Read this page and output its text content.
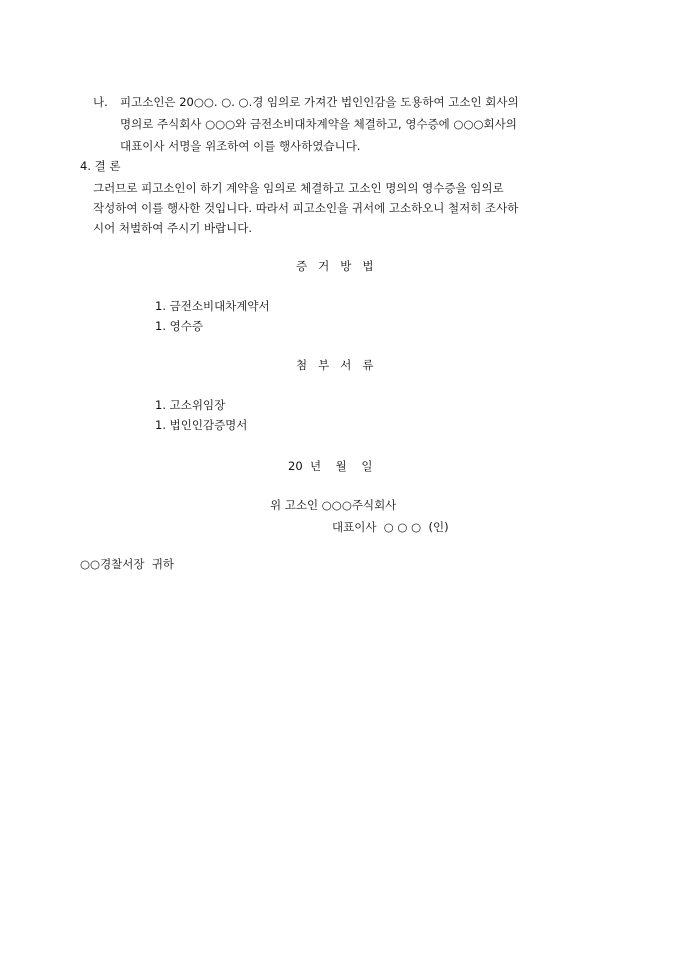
나. 피고소인은 20○○. ○. ○.경 임의로 가져간 법인인감을 도용하여 고소인 회사의
명의로 주식회사 ○○○와 금전소비대차계약을 체결하고, 영수증에 ○○○회사의
대표이사 서명을 위조하여 이를 행사하였습니다.
4. 결 론
그러므로 피고소인이 하기 계약을 임의로 체결하고 고소인 명의의 영수증을 임의로
작성하여 이를 행사한 것입니다. 따라서 피고소인을 귀서에 고소하오니 철저히 조사하
시어 처벌하여 주시기 바랍니다.
증거방법
1. 금전소비대차계약서
1. 영수증
첨부서류
1. 고소위임장
1. 법인인감증명서
20  년    월    일
위 고소인 ○○○주식회사
대표이사  ○ ○ ○  (인)
○○경찰서장  귀하
